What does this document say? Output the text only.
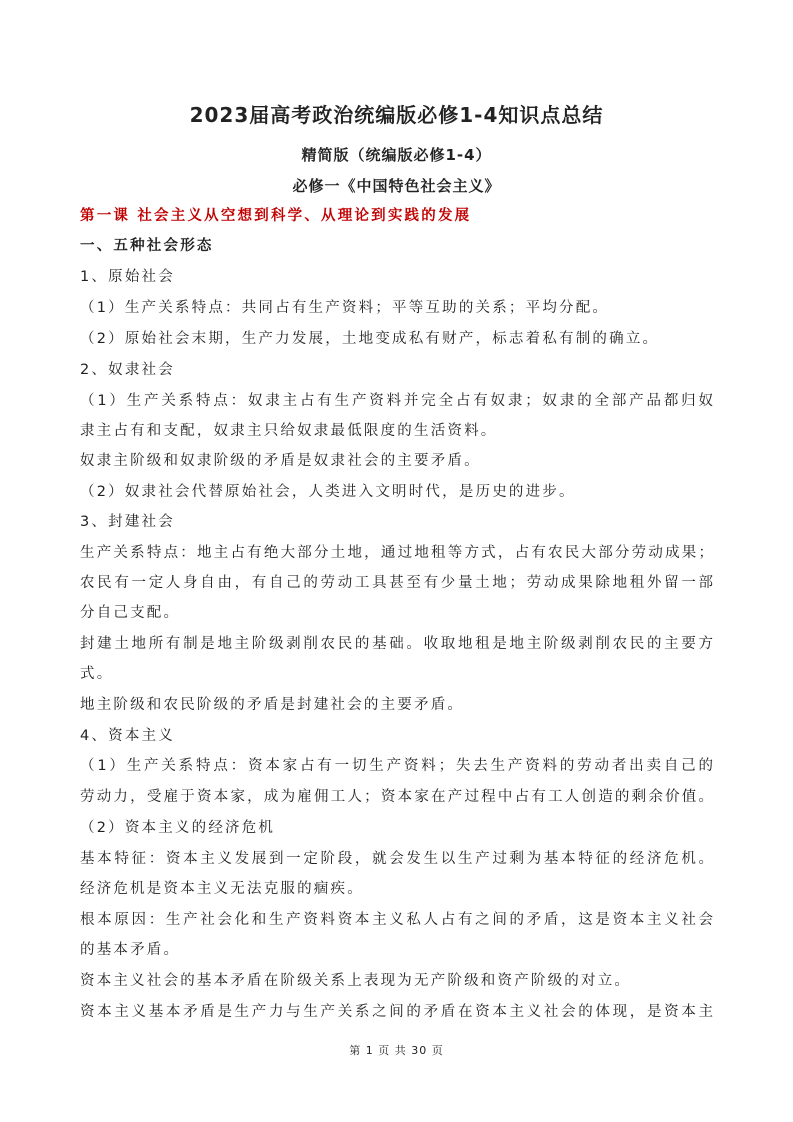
2023届高考政治统编版必修1-4知识点总结
精简版（统编版必修1-4）
必修一《中国特色社会主义》
第一课 社会主义从空想到科学、从理论到实践的发展
一、五种社会形态
1、原始社会
（1）生产关系特点：共同占有生产资料；平等互助的关系；平均分配。
（2）原始社会末期，生产力发展，土地变成私有财产，标志着私有制的确立。
2、奴隶社会
（1）生产关系特点：奴隶主占有生产资料并完全占有奴隶；奴隶的全部产品都归奴
隶主占有和支配，奴隶主只给奴隶最低限度的生活资料。
奴隶主阶级和奴隶阶级的矛盾是奴隶社会的主要矛盾。
（2）奴隶社会代替原始社会，人类进入文明时代，是历史的进步。
3、封建社会
生产关系特点：地主占有绝大部分土地，通过地租等方式，占有农民大部分劳动成果；
农民有一定人身自由，有自己的劳动工具甚至有少量土地；劳动成果除地租外留一部
分自己支配。
封建土地所有制是地主阶级剥削农民的基础。收取地租是地主阶级剥削农民的主要方
式。
地主阶级和农民阶级的矛盾是封建社会的主要矛盾。
4、资本主义
（1）生产关系特点：资本家占有一切生产资料；失去生产资料的劳动者出卖自己的
劳动力，受雇于资本家，成为雇佣工人；资本家在产过程中占有工人创造的剩余价值。
（2）资本主义的经济危机
基本特征：资本主义发展到一定阶段，就会发生以生产过剩为基本特征的经济危机。
经济危机是资本主义无法克服的痼疾。
根本原因：生产社会化和生产资料资本主义私人占有之间的矛盾，这是资本主义社会
的基本矛盾。
资本主义社会的基本矛盾在阶级关系上表现为无产阶级和资产阶级的对立。
资本主义基本矛盾是生产力与生产关系之间的矛盾在资本主义社会的体现，是资本主
第 1 页 共 30 页
